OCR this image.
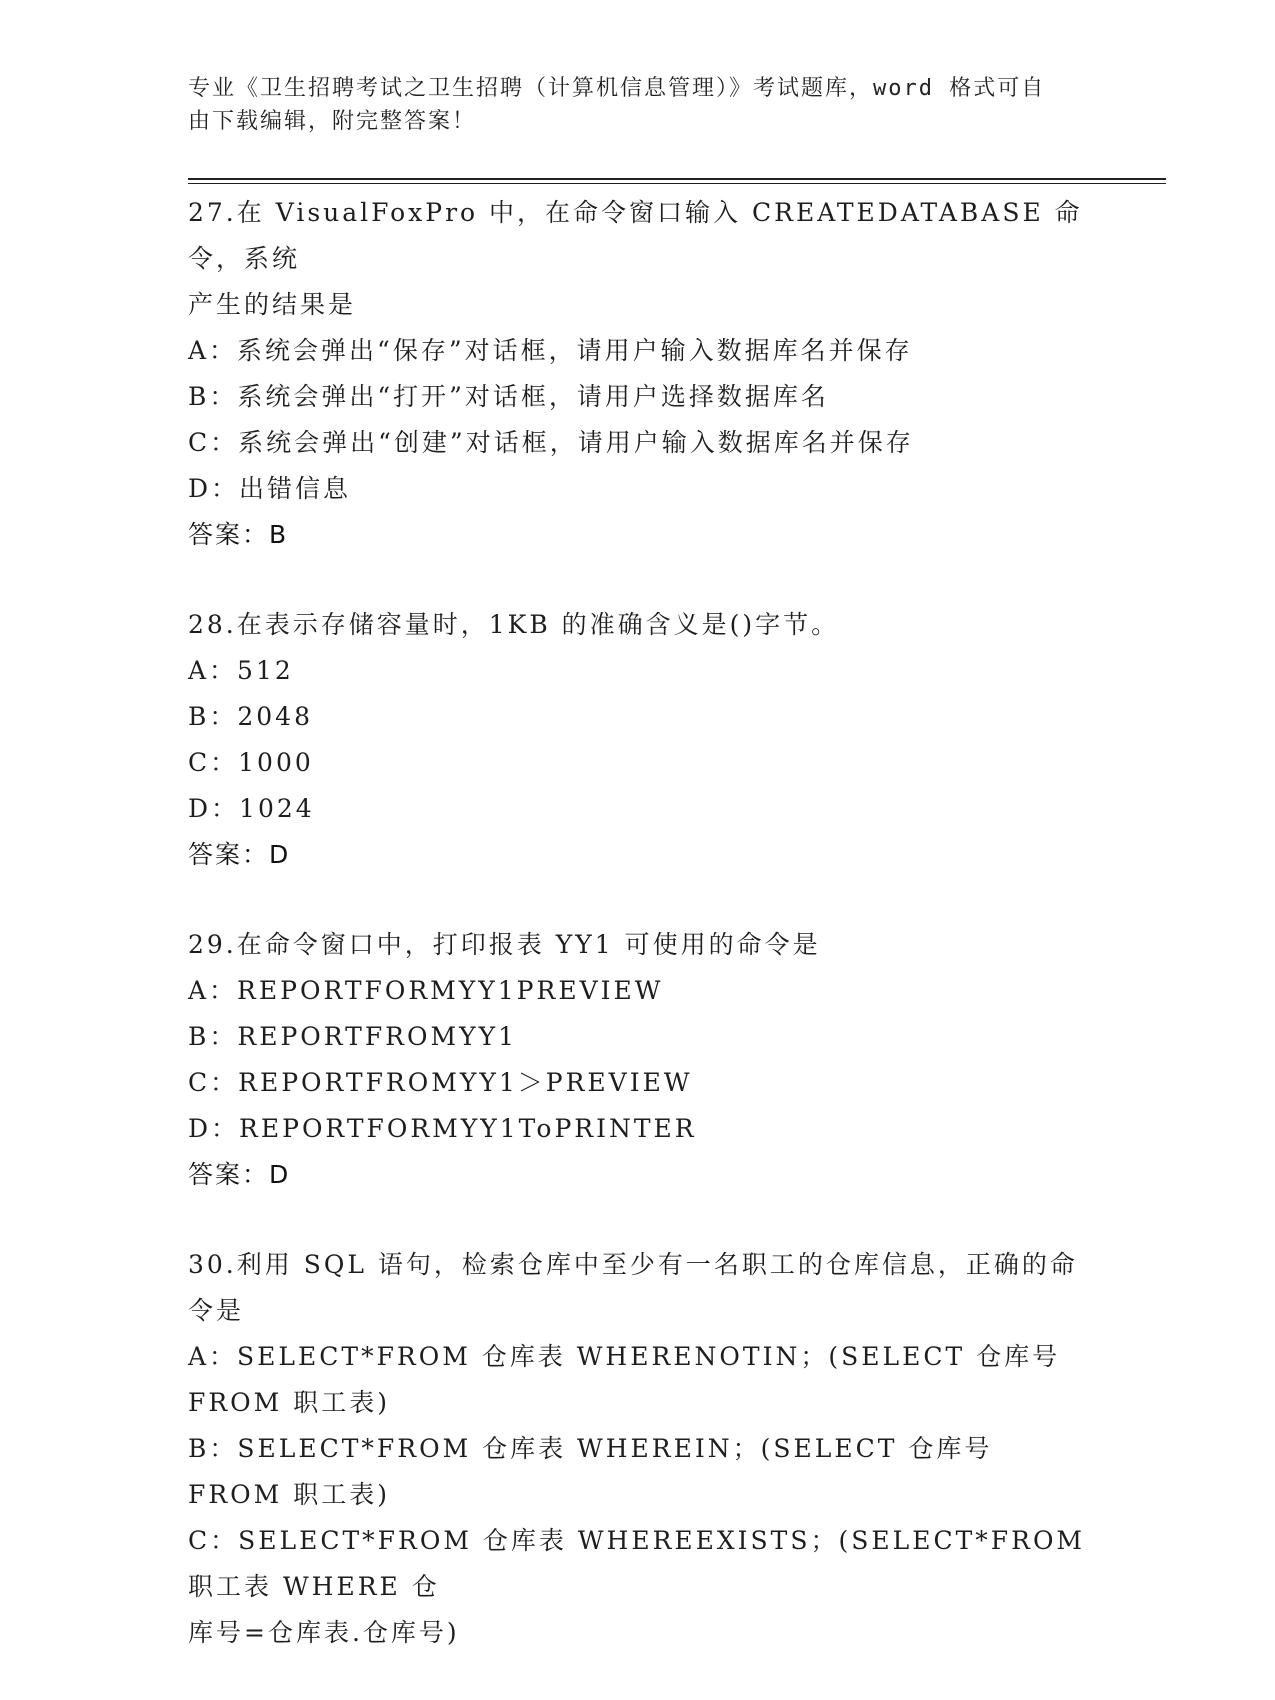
专业《卫生招聘考试之卫生招聘（计算机信息管理）》考试题库，word 格式可自
由下载编辑，附完整答案！
27.在 VisualFoxPro 中，在命令窗口输入 CREATEDATABASE 命令，系统
产生的结果是
A：系统会弹出“保存”对话框，请用户输入数据库名并保存
B：系统会弹出“打开”对话框，请用户选择数据库名
C：系统会弹出“创建”对话框，请用户输入数据库名并保存
D：出错信息
答案：B
28.在表示存储容量时，1KB 的准确含义是()字节。
A：512
B：2048
C：1000
D：1024
答案：D
29.在命令窗口中，打印报表 YY1 可使用的命令是
A：REPORTFORMYY1PREVIEW
B：REPORTFROMYY1
C：REPORTFROMYY1＞PREVIEW
D：REPORTFORMYY1ToPRINTER
答案：D
30.利用 SQL 语句，检索仓库中至少有一名职工的仓库信息，正确的命
令是
A：SELECT*FROM 仓库表 WHERENOTIN；(SELECT 仓库号 FROM 职工表)
B：SELECT*FROM 仓库表 WHEREIN；(SELECT 仓库号 FROM 职工表)
C：SELECT*FROM 仓库表 WHEREEXISTS；(SELECT*FROM 职工表 WHERE 仓
库号=仓库表.仓库号)
